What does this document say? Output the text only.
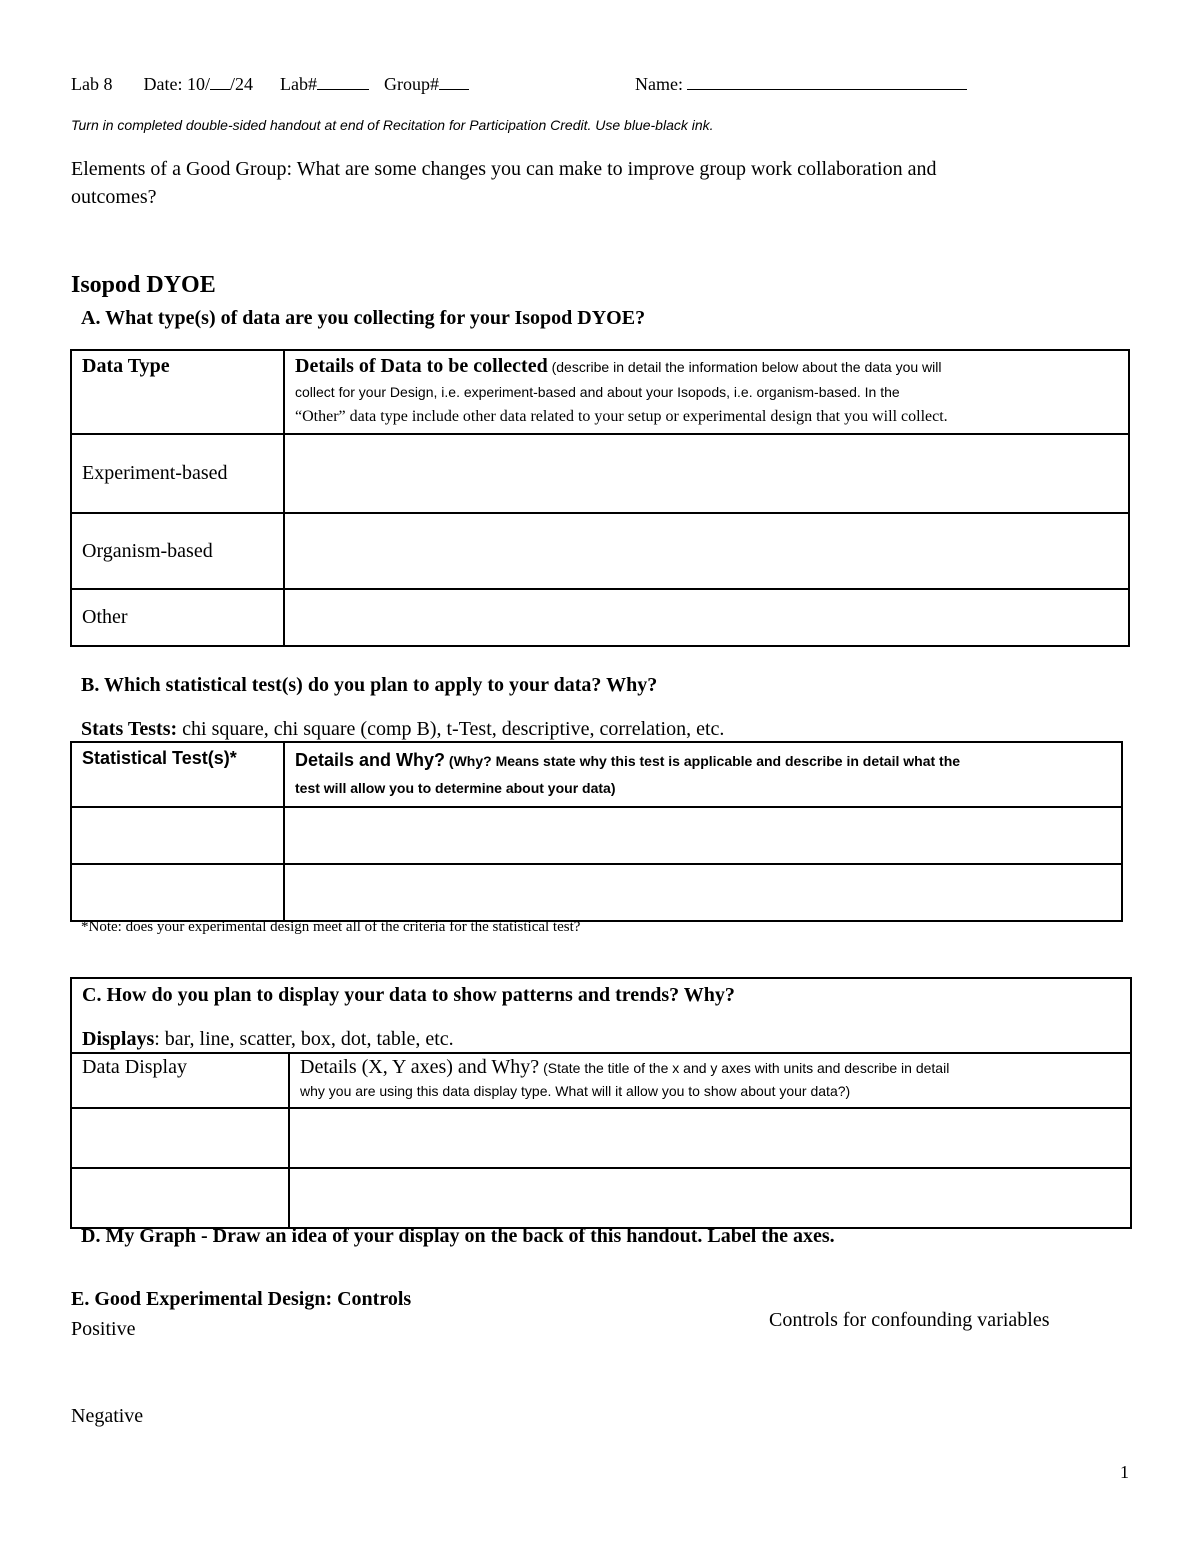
Lab 8 Date: 10/ /24 Lab#	Group#	Name:
Turn in completed double-sided handout at end of Recitation for Participation Credit. Use blue-black ink.
Elements of a Good Group: What are some changes you can make to improve group work collaboration and
outcomes?
Isopod DYOE
A. What type(s) of data are you collecting for your Isopod DYOE?
Data Type	Details of Data to be collected (describe in detail the information below about the data you will
collect for your Design, i.e. experiment-based and about your Isopods, i.e. organism-based. In the
“Other” data type include other data related to your setup or experimental design that you will collect.

Experiment-based	

Organism-based	

Other	

B. Which statistical test(s) do you plan to apply to your data? Why?
Stats Tests: chi square, chi square (comp B), t-Test, descriptive, correlation, etc.
Statistical Test(s)*	Details and Why? (Why? Means state why this test is applicable and describe in detail what the
test will allow you to determine about your data)

*Note: does your experimental design meet all of the criteria for the statistical test?
C. How do you plan to display your data to show patterns and trends? Why?
Displays: bar, line, scatter, box, dot, table, etc.	

Data Display	Details (X, Y axes) and Why? (State the title of the x and y axes with units and describe in detail
why you are using this data display type. What will it allow you to show about your data?)

D. My Graph - Draw an idea of your display on the back of this handout. Label the axes.
E. Good Experimental Design: Controls
Positive	Controls for confounding variables
Negative
1
